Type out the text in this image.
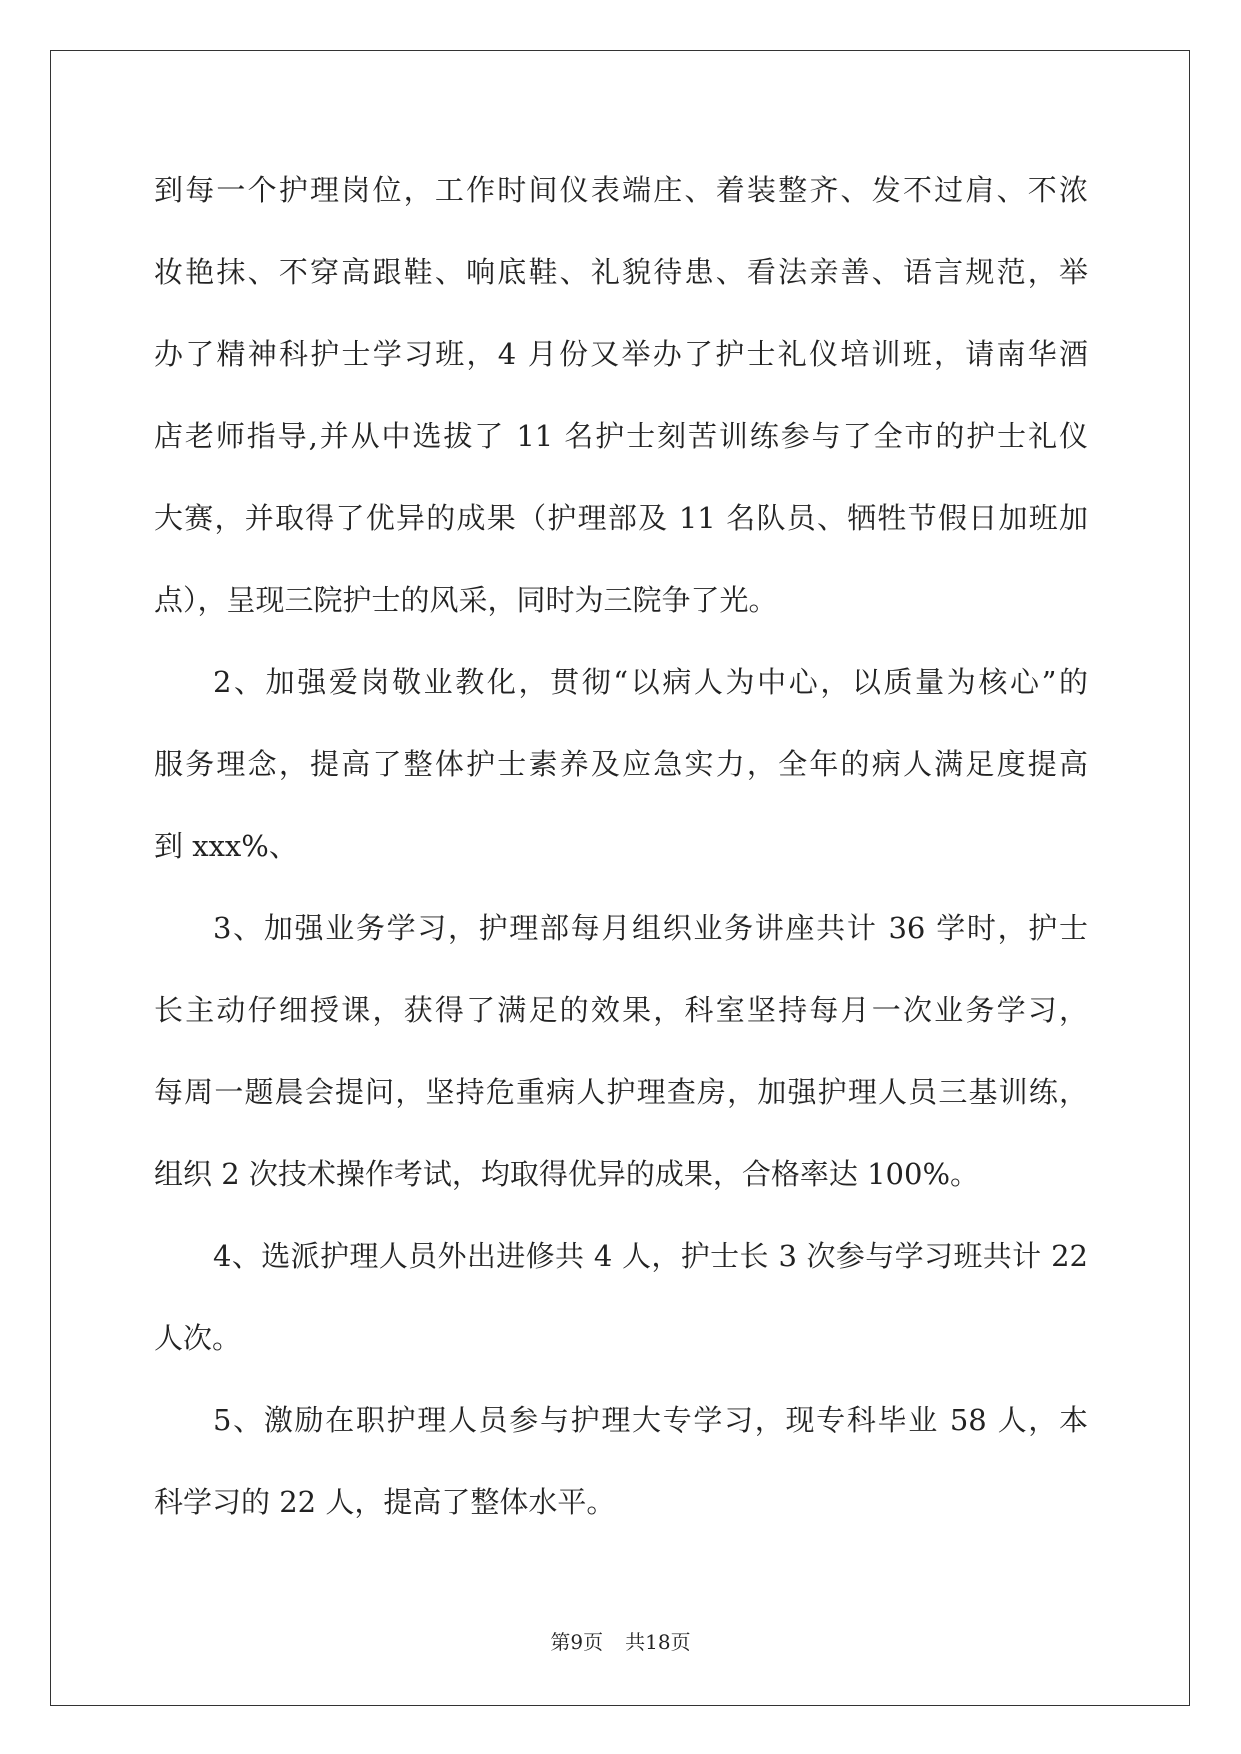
到每一个护理岗位，工作时间仪表端庄、着装整齐、发不过肩、不浓
妆艳抹、不穿高跟鞋、响底鞋、礼貌待患、看法亲善、语言规范，举
办了精神科护士学习班，4 月份又举办了护士礼仪培训班，请南华酒
店老师指导,并从中选拔了 11 名护士刻苦训练参与了全市的护士礼仪
大赛，并取得了优异的成果（护理部及 11 名队员、牺牲节假日加班加
点），呈现三院护士的风采，同时为三院争了光。
2、加强爱岗敬业教化，贯彻“以病人为中心，以质量为核心”的
服务理念，提高了整体护士素养及应急实力，全年的病人满足度提高
到 xxx%、
3、加强业务学习，护理部每月组织业务讲座共计 36 学时，护士
长主动仔细授课，获得了满足的效果，科室坚持每月一次业务学习，
每周一题晨会提问，坚持危重病人护理查房，加强护理人员三基训练，
组织 2 次技术操作考试，均取得优异的成果，合格率达 100%。
4、选派护理人员外出进修共 4 人，护士长 3 次参与学习班共计 22
人次。
5、激励在职护理人员参与护理大专学习，现专科毕业 58 人，本
科学习的 22 人，提高了整体水平。
第9页 共18页
